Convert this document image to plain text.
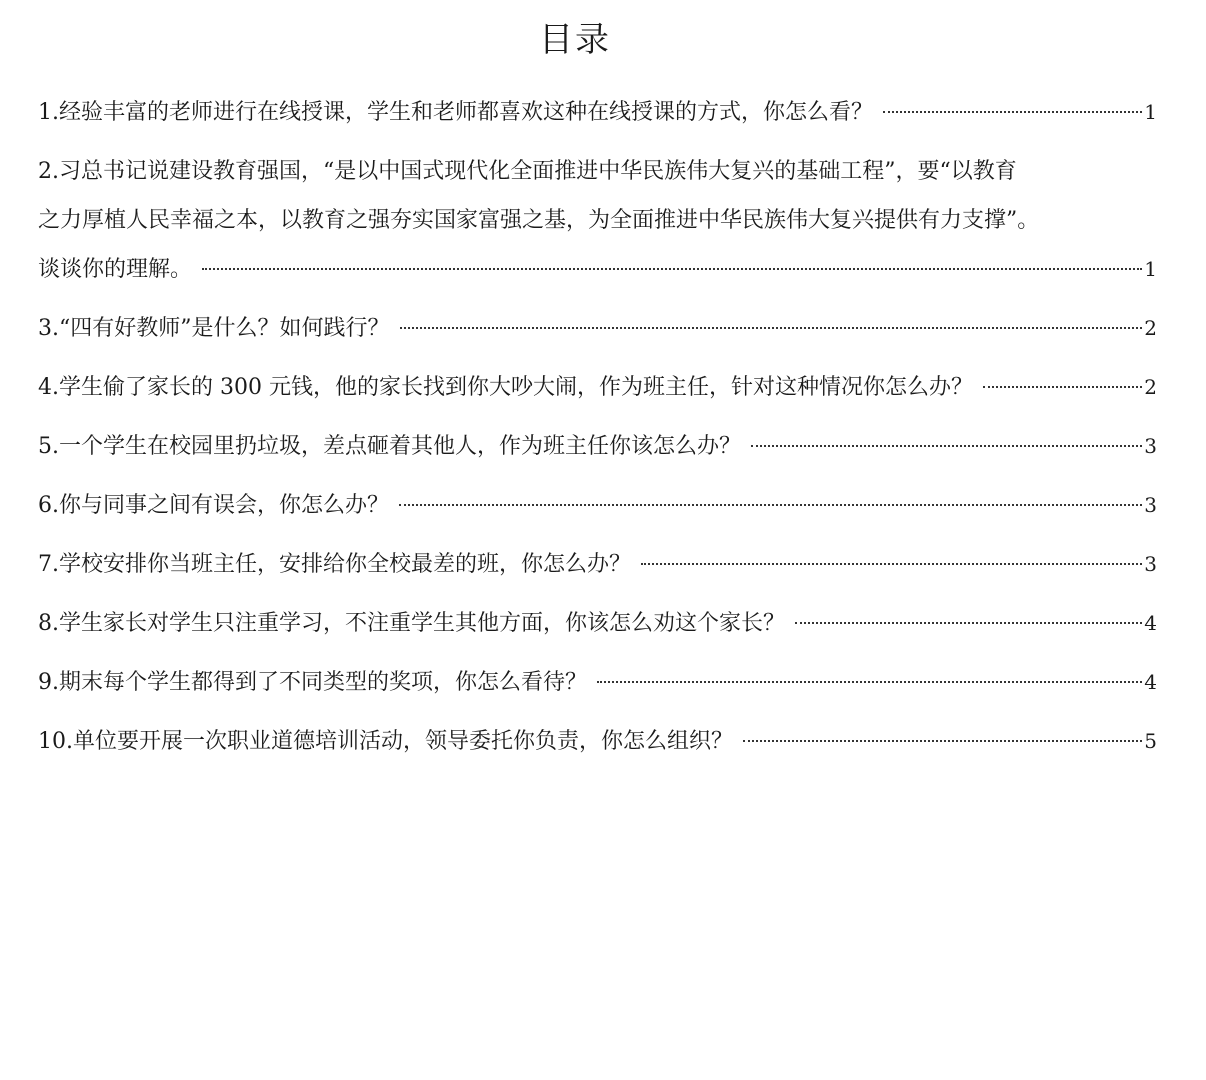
目录
1.经验丰富的老师进行在线授课，学生和老师都喜欢这种在线授课的方式，你怎么看？	1
2.习总书记说建设教育强国，“是以中国式现代化全面推进中华民族伟大复兴的基础工程”，要“以教育
之力厚植人民幸福之本，以教育之强夯实国家富强之基，为全面推进中华民族伟大复兴提供有力支撑”。
谈谈你的理解。	1
3.“四有好教师”是什么？如何践行？	2
4.学生偷了家长的 300 元钱，他的家长找到你大吵大闹，作为班主任，针对这种情况你怎么办？	2
5.一个学生在校园里扔垃圾，差点砸着其他人，作为班主任你该怎么办？	3
6.你与同事之间有误会，你怎么办？	3
7.学校安排你当班主任，安排给你全校最差的班，你怎么办？	3
8.学生家长对学生只注重学习，不注重学生其他方面，你该怎么劝这个家长？	4
9.期末每个学生都得到了不同类型的奖项，你怎么看待？	4
10.单位要开展一次职业道德培训活动，领导委托你负责，你怎么组织？	5
